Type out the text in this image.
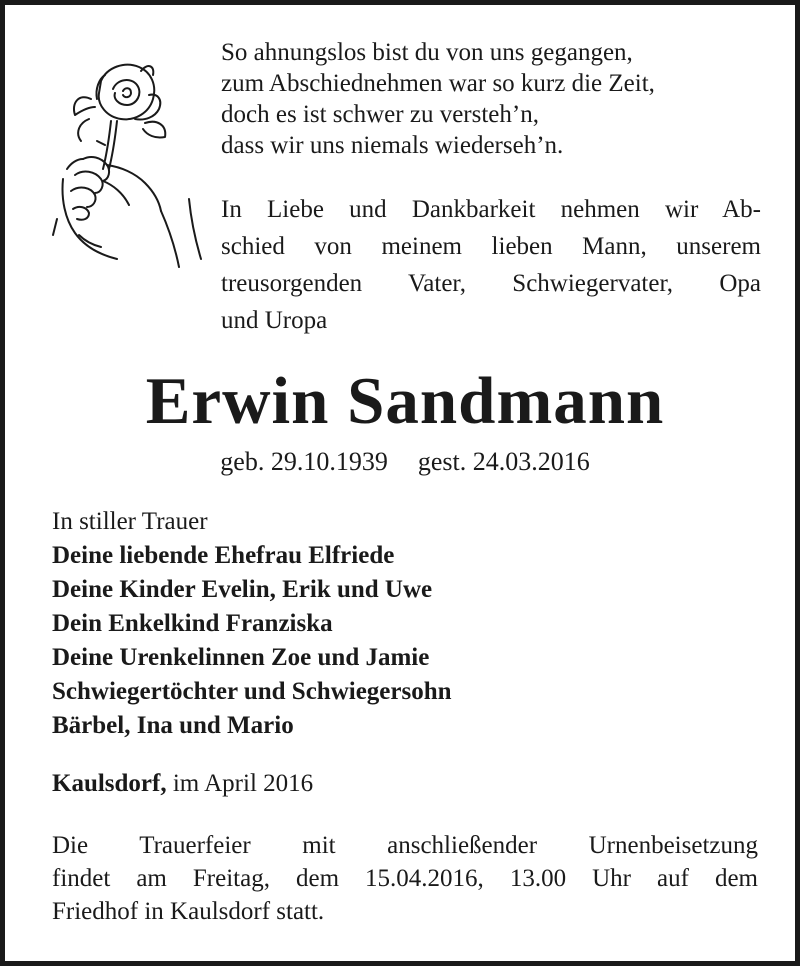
So ahnungslos bist du von uns gegangen,
zum Abschiednehmen war so kurz die Zeit,
doch es ist schwer zu versteh’n,
dass wir uns niemals wiederseh’n.
In Liebe und Dankbarkeit nehmen wir Ab-
schied von meinem lieben Mann, unserem
treusorgenden Vater, Schwiegervater, Opa
und Uropa
Erwin Sandmann
geb. 29.10.1939 gest. 24.03.2016
In stiller Trauer
Deine liebende Ehefrau Elfriede
Deine Kinder Evelin, Erik und Uwe
Dein Enkelkind Franziska
Deine Urenkelinnen Zoe und Jamie
Schwiegertöchter und Schwiegersohn
Bärbel, Ina und Mario
Kaulsdorf, im April 2016
Die Trauerfeier mit anschließender Urnenbeisetzung
findet am Freitag, dem 15.04.2016, 13.00 Uhr auf dem
Friedhof in Kaulsdorf statt.
